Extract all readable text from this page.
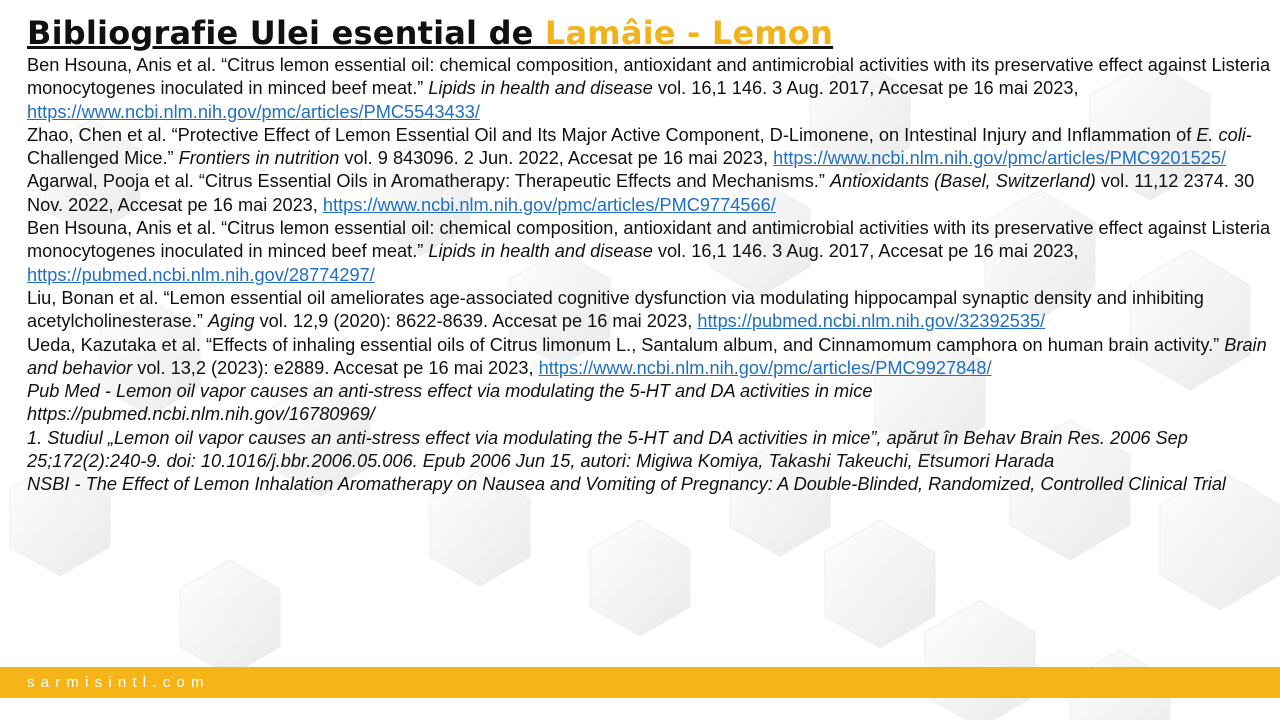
Bibliografie Ulei esential de Lamâie - Lemon

Ben Hsouna, Anis et al. “Citrus lemon essential oil: chemical composition, antioxidant and antimicrobial activities with its preservative effect against Listeria monocytogenes inoculated in minced beef meat.” Lipids in health and disease vol. 16,1 146. 3 Aug. 2017, Accesat pe 16 mai 2023, https://www.ncbi.nlm.nih.gov/pmc/articles/PMC5543433/

Zhao, Chen et al. “Protective Effect of Lemon Essential Oil and Its Major Active Component, D-Limonene, on Intestinal Injury and Inflammation of E. coli-Challenged Mice.” Frontiers in nutrition vol. 9 843096. 2 Jun. 2022, Accesat pe 16 mai 2023, https://www.ncbi.nlm.nih.gov/pmc/articles/PMC9201525/

Agarwal, Pooja et al. “Citrus Essential Oils in Aromatherapy: Therapeutic Effects and Mechanisms.” Antioxidants (Basel, Switzerland) vol. 11,12 2374. 30 Nov. 2022, Accesat pe 16 mai 2023, https://www.ncbi.nlm.nih.gov/pmc/articles/PMC9774566/

Ben Hsouna, Anis et al. “Citrus lemon essential oil: chemical composition, antioxidant and antimicrobial activities with its preservative effect against Listeria monocytogenes inoculated in minced beef meat.” Lipids in health and disease vol. 16,1 146. 3 Aug. 2017, Accesat pe 16 mai 2023, https://pubmed.ncbi.nlm.nih.gov/28774297/

Liu, Bonan et al. “Lemon essential oil ameliorates age-associated cognitive dysfunction via modulating hippocampal synaptic density and inhibiting acetylcholinesterase.” Aging vol. 12,9 (2020): 8622-8639. Accesat pe 16 mai 2023, https://pubmed.ncbi.nlm.nih.gov/32392535/

Ueda, Kazutaka et al. “Effects of inhaling essential oils of Citrus limonum L., Santalum album, and Cinnamomum camphora on human brain activity.” Brain and behavior vol. 13,2 (2023): e2889. Accesat pe 16 mai 2023, https://www.ncbi.nlm.nih.gov/pmc/articles/PMC9927848/

Pub Med - Lemon oil vapor causes an anti-stress effect via modulating the 5-HT and DA activities in mice
https://pubmed.ncbi.nlm.nih.gov/16780969/

1. Studiul „Lemon oil vapor causes an anti-stress effect via modulating the 5-HT and DA activities in mice”, apărut în Behav Brain Res. 2006 Sep 25;172(2):240-9. doi: 10.1016/j.bbr.2006.05.006. Epub 2006 Jun 15, autori: Migiwa Komiya, Takashi Takeuchi, Etsumori Harada

NSBI - The Effect of Lemon Inhalation Aromatherapy on Nausea and Vomiting of Pregnancy: A Double-Blinded, Randomized, Controlled Clinical Trial

sarmisintl.com
